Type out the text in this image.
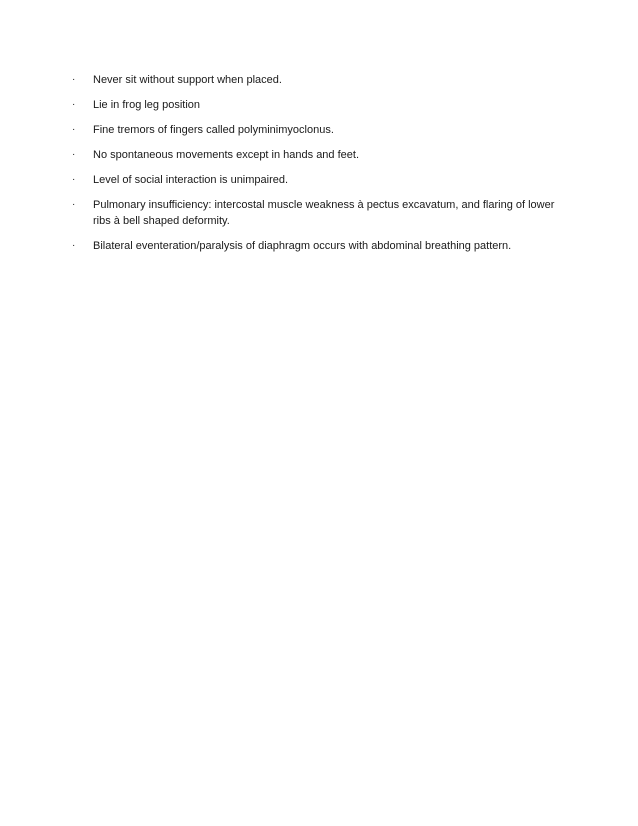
·	Never sit without support when placed.
·	Lie in frog leg position
·	Fine tremors of fingers called polyminimyoclonus.
·	No spontaneous movements except in hands and feet.
·	Level of social interaction is unimpaired.
·	Pulmonary insufficiency: intercostal muscle weakness à pectus excavatum, and flaring of lower ribs à bell shaped deformity.
·	Bilateral eventeration/paralysis of diaphragm occurs with abdominal breathing pattern.
